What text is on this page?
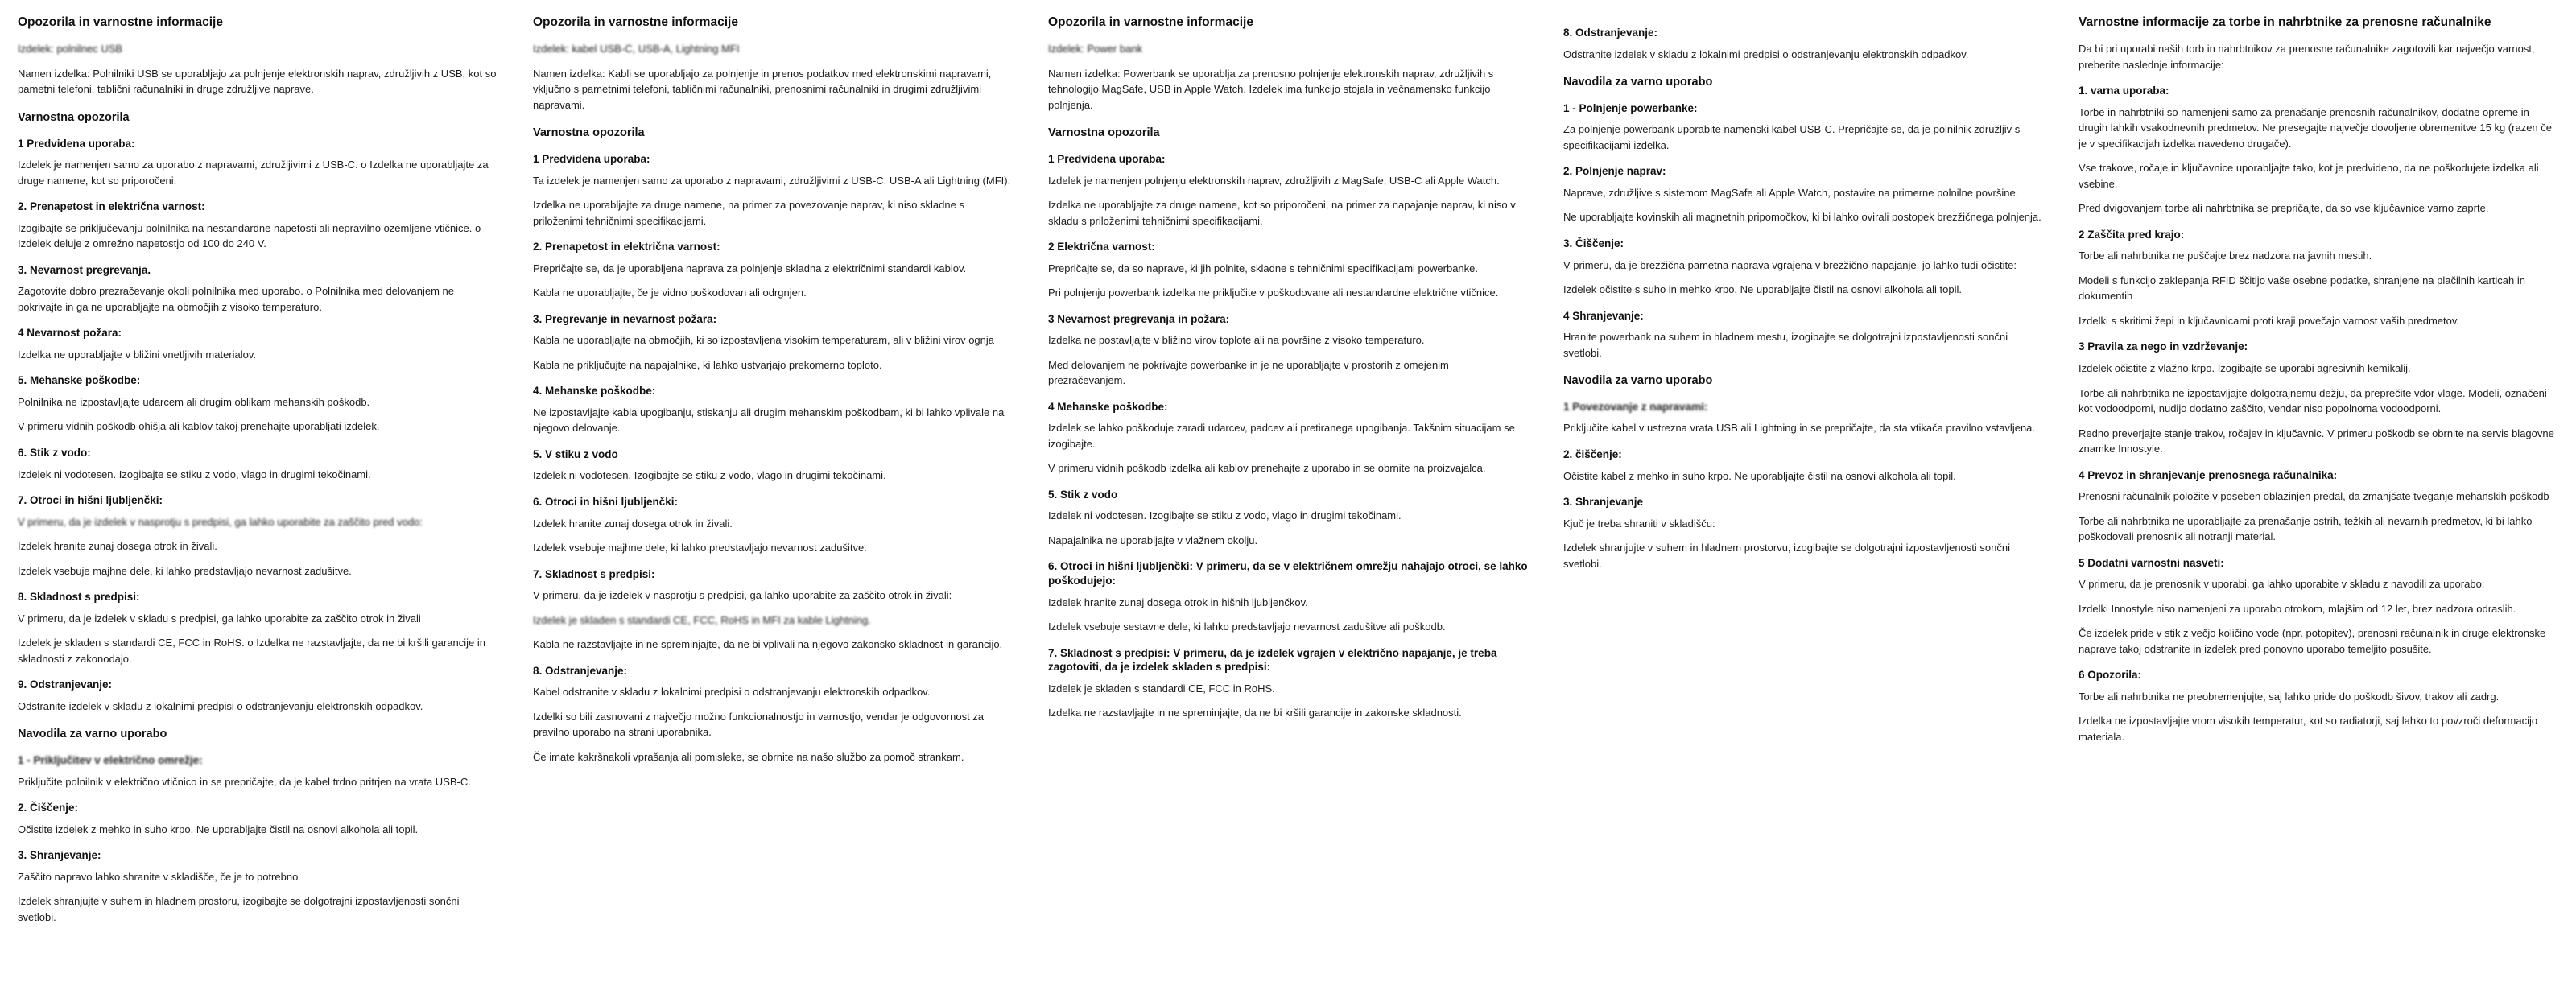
Opozorila in varnostne informacije

Izdelek: polnilnec USB

Namen izdelka: Polnilniki USB se uporabljajo za polnjenje elektronskih naprav, združljivih z USB, kot so pametni telefoni, tablični računalniki in druge združljive naprave.

Varnostna opozorila
1 Predvidena uporaba:

Izdelek je namenjen samo za uporabo z napravami, združljivimi z USB-C. o Izdelka ne uporabljajte za druge namene, kot so priporočeni.

2. Prenapetost in električna varnost:

Izogibajte se priključevanju polnilnika na nestandardne napetosti ali nepravilno ozemljene vtičnice. o Izdelek deluje z omrežno napetostjo od 100 do 240 V.

3. Nevarnost pregrevanja.

Zagotovite dobro prezračevanje okoli polnilnika med uporabo. o Polnilnika med delovanjem ne pokrivajte in ga ne uporabljajte na območjih z visoko temperaturo.

4 Nevarnost požara:

Izdelka ne uporabljajte v bližini vnetljivih materialov.

5. Mehanske poškodbe:

Polnilnika ne izpostavljajte udarcem ali drugim oblikam mehanskih poškodb.

V primeru vidnih poškodb ohišja ali kablov takoj prenehajte uporabljati izdelek.

6. Stik z vodo:

Izdelek ni vodotesen. Izogibajte se stiku z vodo, vlago in drugimi tekočinami.

7. Otroci in hišni ljubljenčki:

V primeru, da je izdelek v nasprotju s predpisi, ga lahko uporabite za zaščito pred vodo:

Izdelek hranite zunaj dosega otrok in živali.

Izdelek vsebuje majhne dele, ki lahko predstavljajo nevarnost zadušitve.

8. Skladnost s predpisi:

V primeru, da je izdelek v skladu s predpisi, ga lahko uporabite za zaščito otrok in živali

Izdelek je skladen s standardi CE, FCC in RoHS. o Izdelka ne razstavljajte, da ne bi kršili garancije in skladnosti z zakonodajo.

9. Odstranjevanje:

Odstranite izdelek v skladu z lokalnimi predpisi o odstranjevanju elektronskih odpadkov.

Navodila za varno uporabo
1 - Priključitev v električno omrežje:

Priključite polnilnik v električno vtičnico in se prepričajte, da je kabel trdno pritrjen na vrata USB-C.

2. Čiščenje:

Očistite izdelek z mehko in suho krpo. Ne uporabljajte čistil na osnovi alkohola ali topil.

3. Shranjevanje:

Zaščito napravo lahko shranite v skladišče, če je to potrebno

Izdelek shranjujte v suhem in hladnem prostoru, izogibajte se dolgotrajni izpostavljenosti sončni svetlobi.

Opozorila in varnostne informacije

Izdelek: kabel USB-C, USB-A, Lightning MFI

Namen izdelka: Kabli se uporabljajo za polnjenje in prenos podatkov med elektronskimi napravami, vključno s pametnimi telefoni, tabličnimi računalniki, prenosnimi računalniki in drugimi združljivimi napravami.

Varnostna opozorila
1 Predvidena uporaba:

Ta izdelek je namenjen samo za uporabo z napravami, združljivimi z USB-C, USB-A ali Lightning (MFI).

Izdelka ne uporabljajte za druge namene, na primer za povezovanje naprav, ki niso skladne s priloženimi tehničnimi specifikacijami.

2. Prenapetost in električna varnost:

Prepričajte se, da je uporabljena naprava za polnjenje skladna z električnimi standardi kablov.

Kabla ne uporabljajte, če je vidno poškodovan ali odrgnjen.

3. Pregrevanje in nevarnost požara:

Kabla ne uporabljajte na območjih, ki so izpostavljena visokim temperaturam, ali v bližini virov ognja

Kabla ne priključujte na napajalnike, ki lahko ustvarjajo prekomerno toploto.

4. Mehanske poškodbe:

Ne izpostavljajte kabla upogibanju, stiskanju ali drugim mehanskim poškodbam, ki bi lahko vplivale na njegovo delovanje.

5. V stiku z vodo

Izdelek ni vodotesen. Izogibajte se stiku z vodo, vlago in drugimi tekočinami.

6. Otroci in hišni ljubljenčki:

Izdelek hranite zunaj dosega otrok in živali.

Izdelek vsebuje majhne dele, ki lahko predstavljajo nevarnost zadušitve.

7. Skladnost s predpisi:

V primeru, da je izdelek v nasprotju s predpisi, ga lahko uporabite za zaščito otrok in živali:

Izdelek je skladen s standardi CE, FCC, RoHS in MFI za kable Lightning.

Kabla ne razstavljajte in ne spreminjajte, da ne bi vplivali na njegovo zakonsko skladnost in garancijo.

8. Odstranjevanje:

Kabel odstranite v skladu z lokalnimi predpisi o odstranjevanju elektronskih odpadkov.

Izdelki so bili zasnovani z največjo možno funkcionalnostjo in varnostjo, vendar je odgovornost za pravilno uporabo na strani uporabnika.

Če imate kakršnakoli vprašanja ali pomisleke, se obrnite na našo službo za pomoč strankam.

Opozorila in varnostne informacije

Izdelek: Power bank

Namen izdelka: Powerbank se uporablja za prenosno polnjenje elektronskih naprav, združljivih s tehnologijo MagSafe, USB in Apple Watch. Izdelek ima funkcijo stojala in večnamensko funkcijo polnjenja.

Varnostna opozorila
1 Predvidena uporaba:

Izdelek je namenjen polnjenju elektronskih naprav, združljivih z MagSafe, USB-C ali Apple Watch.

Izdelka ne uporabljajte za druge namene, kot so priporočeni, na primer za napajanje naprav, ki niso v skladu s priloženimi tehničnimi specifikacijami.

2 Električna varnost:

Prepričajte se, da so naprave, ki jih polnite, skladne s tehničnimi specifikacijami powerbanke.

Pri polnjenju powerbank izdelka ne priključite v poškodovane ali nestandardne električne vtičnice.

3 Nevarnost pregrevanja in požara:

Izdelka ne postavljajte v bližino virov toplote ali na površine z visoko temperaturo.

Med delovanjem ne pokrivajte powerbanke in je ne uporabljajte v prostorih z omejenim prezračevanjem.

4 Mehanske poškodbe:

Izdelek se lahko poškoduje zaradi udarcev, padcev ali pretiranega upogibanja. Takšnim situacijam se izogibajte.

V primeru vidnih poškodb izdelka ali kablov prenehajte z uporabo in se obrnite na proizvajalca.

5. Stik z vodo

Izdelek ni vodotesen. Izogibajte se stiku z vodo, vlago in drugimi tekočinami.

Napajalnika ne uporabljajte v vlažnem okolju.

6. Otroci in hišni ljubljenčki: V primeru, da se v električnem omrežju nahajajo otroci, se lahko poškodujejo:

Izdelek hranite zunaj dosega otrok in hišnih ljubljenčkov.

Izdelek vsebuje sestavne dele, ki lahko predstavljajo nevarnost zadušitve ali poškodb.

7. Skladnost s predpisi: V primeru, da je izdelek vgrajen v električno napajanje, je treba zagotoviti, da je izdelek skladen s predpisi:

Izdelek je skladen s standardi CE, FCC in RoHS.

Izdelka ne razstavljajte in ne spreminjajte, da ne bi kršili garancije in zakonske skladnosti.

8. Odstranjevanje:

Odstranite izdelek v skladu z lokalnimi predpisi o odstranjevanju elektronskih odpadkov.

Navodila za varno uporabo
1 - Polnjenje powerbanke:

Za polnjenje powerbank uporabite namenski kabel USB-C. Prepričajte se, da je polnilnik združljiv s specifikacijami izdelka.

2. Polnjenje naprav:

Naprave, združljive s sistemom MagSafe ali Apple Watch, postavite na primerne polnilne površine.

Ne uporabljajte kovinskih ali magnetnih pripomočkov, ki bi lahko ovirali postopek brezžičnega polnjenja.

3. Čiščenje:

V primeru, da je brezžična pametna naprava vgrajena v brezžično napajanje, jo lahko tudi očistite:

Izdelek očistite s suho in mehko krpo. Ne uporabljajte čistil na osnovi alkohola ali topil.

4 Shranjevanje:

Hranite powerbank na suhem in hladnem mestu, izogibajte se dolgotrajni izpostavljenosti sončni svetlobi.

Navodila za varno uporabo
1 Povezovanje z napravami:

Priključite kabel v ustrezna vrata USB ali Lightning in se prepričajte, da sta vtikača pravilno vstavljena.

2. čiščenje:

Očistite kabel z mehko in suho krpo. Ne uporabljajte čistil na osnovi alkohola ali topil.

3. Shranjevanje

Kjuč je treba shraniti v skladišču:

Izdelek shranjujte v suhem in hladnem prostorvu, izogibajte se dolgotrajni izpostavljenosti sončni svetlobi.

Varnostne informacije za torbe in nahrbtnike za prenosne računalnike

Da bi pri uporabi naših torb in nahrbtnikov za prenosne računalnike zagotovili kar največjo varnost, preberite naslednje informacije:

1. varna uporaba:

Torbe in nahrbtniki so namenjeni samo za prenašanje prenosnih računalnikov, dodatne opreme in drugih lahkih vsakodnevnih predmetov. Ne presegajte največje dovoljene obremenitve 15 kg (razen če je v specifikacijah izdelka navedeno drugače).

Vse trakove, ročaje in ključavnice uporabljajte tako, kot je predvideno, da ne poškodujete izdelka ali vsebine.

Pred dvigovanjem torbe ali nahrbtnika se prepričajte, da so vse ključavnice varno zaprte.

2 Zaščita pred krajo:

Torbe ali nahrbtnika ne puščajte brez nadzora na javnih mestih.

Modeli s funkcijo zaklepanja RFID ščitijo vaše osebne podatke, shranjene na plačilnih karticah in dokumentih

Izdelki s skritimi žepi in ključavnicami proti kraji povečajo varnost vaših predmetov.

3 Pravila za nego in vzdrževanje:

Izdelek očistite z vlažno krpo. Izogibajte se uporabi agresivnih kemikalij.

Torbe ali nahrbtnika ne izpostavljajte dolgotrajnemu dežju, da preprečite vdor vlage. Modeli, označeni kot vodoodporni, nudijo dodatno zaščito, vendar niso popolnoma vodoodporni.

Redno preverjajte stanje trakov, ročajev in ključavnic. V primeru poškodb se obrnite na servis blagovne znamke Innostyle.

4 Prevoz in shranjevanje prenosnega računalnika:

Prenosni računalnik položite v poseben oblazinjen predal, da zmanjšate tveganje mehanskih poškodb

Torbe ali nahrbtnika ne uporabljajte za prenašanje ostrih, težkih ali nevarnih predmetov, ki bi lahko poškodovali prenosnik ali notranji material.

5 Dodatni varnostni nasveti:

V primeru, da je prenosnik v uporabi, ga lahko uporabite v skladu z navodili za uporabo:

Izdelki Innostyle niso namenjeni za uporabo otrokom, mlajšim od 12 let, brez nadzora odraslih.

Če izdelek pride v stik z večjo količino vode (npr. potopitev), prenosni računalnik in druge elektronske naprave takoj odstranite in izdelek pred ponovno uporabo temeljito posušite.

6 Opozorila:

Torbe ali nahrbtnika ne preobremenjujte, saj lahko pride do poškodb šivov, trakov ali zadrg.

Izdelka ne izpostavljajte vrom visokih temperatur, kot so radiatorji, saj lahko to povzroči deformacijo materiala.
